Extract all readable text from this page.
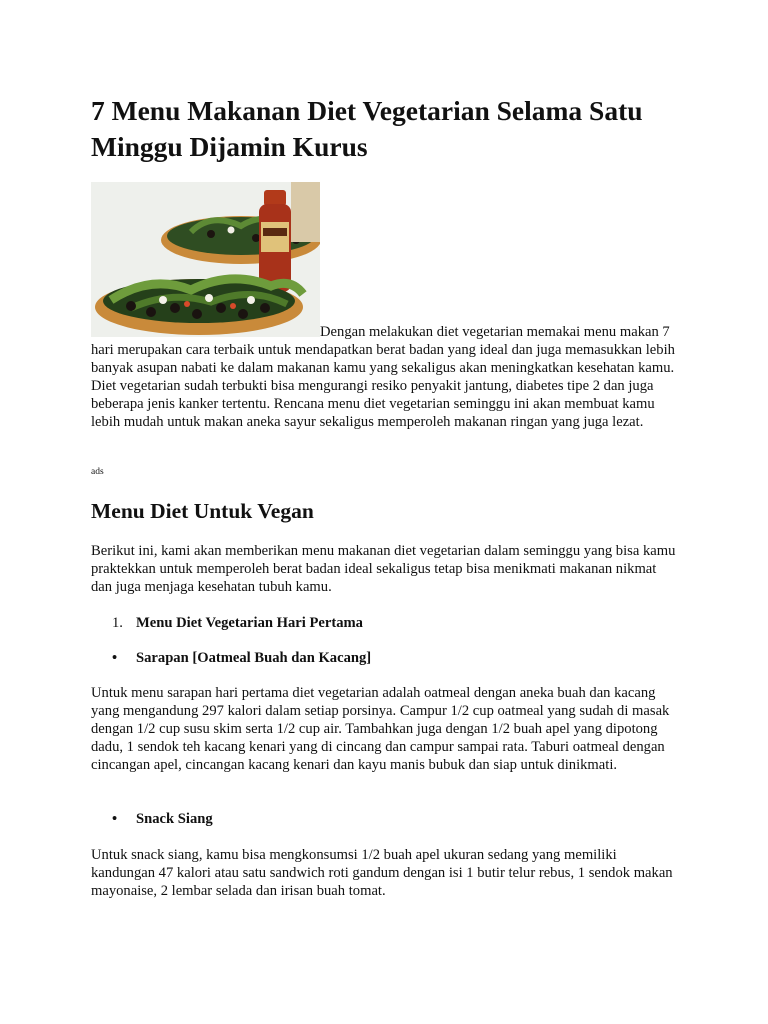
7 Menu Makanan Diet Vegetarian Selama Satu Minggu Dijamin Kurus
Dengan melakukan diet vegetarian memakai menu makan 7 hari merupakan cara terbaik untuk mendapatkan berat badan yang ideal dan juga memasukkan lebih banyak asupan nabati ke dalam makanan kamu yang sekaligus akan meningkatkan kesehatan kamu. Diet vegetarian sudah terbukti bisa mengurangi resiko penyakit jantung, diabetes tipe 2 dan juga beberapa jenis kanker tertentu. Rencana menu diet vegetarian seminggu ini akan membuat kamu lebih mudah untuk makan aneka sayur sekaligus memperoleh makanan ringan yang juga lezat.

ads

Menu Diet Untuk Vegan

Berikut ini, kami akan memberikan menu makanan diet vegetarian dalam seminggu yang bisa kamu praktekkan untuk memperoleh berat badan ideal sekaligus tetap bisa menikmati makanan nikmat dan juga menjaga kesehatan tubuh kamu.

1. Menu Diet Vegetarian Hari Pertama
• Sarapan [Oatmeal Buah dan Kacang]

Untuk menu sarapan hari pertama diet vegetarian adalah oatmeal dengan aneka buah dan kacang yang mengandung 297 kalori dalam setiap porsinya. Campur 1/2 cup oatmeal yang sudah di masak dengan 1/2 cup susu skim serta 1/2 cup air. Tambahkan juga dengan 1/2 buah apel yang dipotong dadu, 1 sendok teh kacang kenari yang di cincang dan campur sampai rata. Taburi oatmeal dengan cincangan apel, cincangan kacang kenari dan kayu manis bubuk dan siap untuk dinikmati.

• Snack Siang

Untuk snack siang, kamu bisa mengkonsumsi 1/2 buah apel ukuran sedang yang memiliki kandungan 47 kalori atau satu sandwich roti gandum dengan isi 1 butir telur rebus, 1 sendok makan mayonaise, 2 lembar selada dan irisan buah tomat.
